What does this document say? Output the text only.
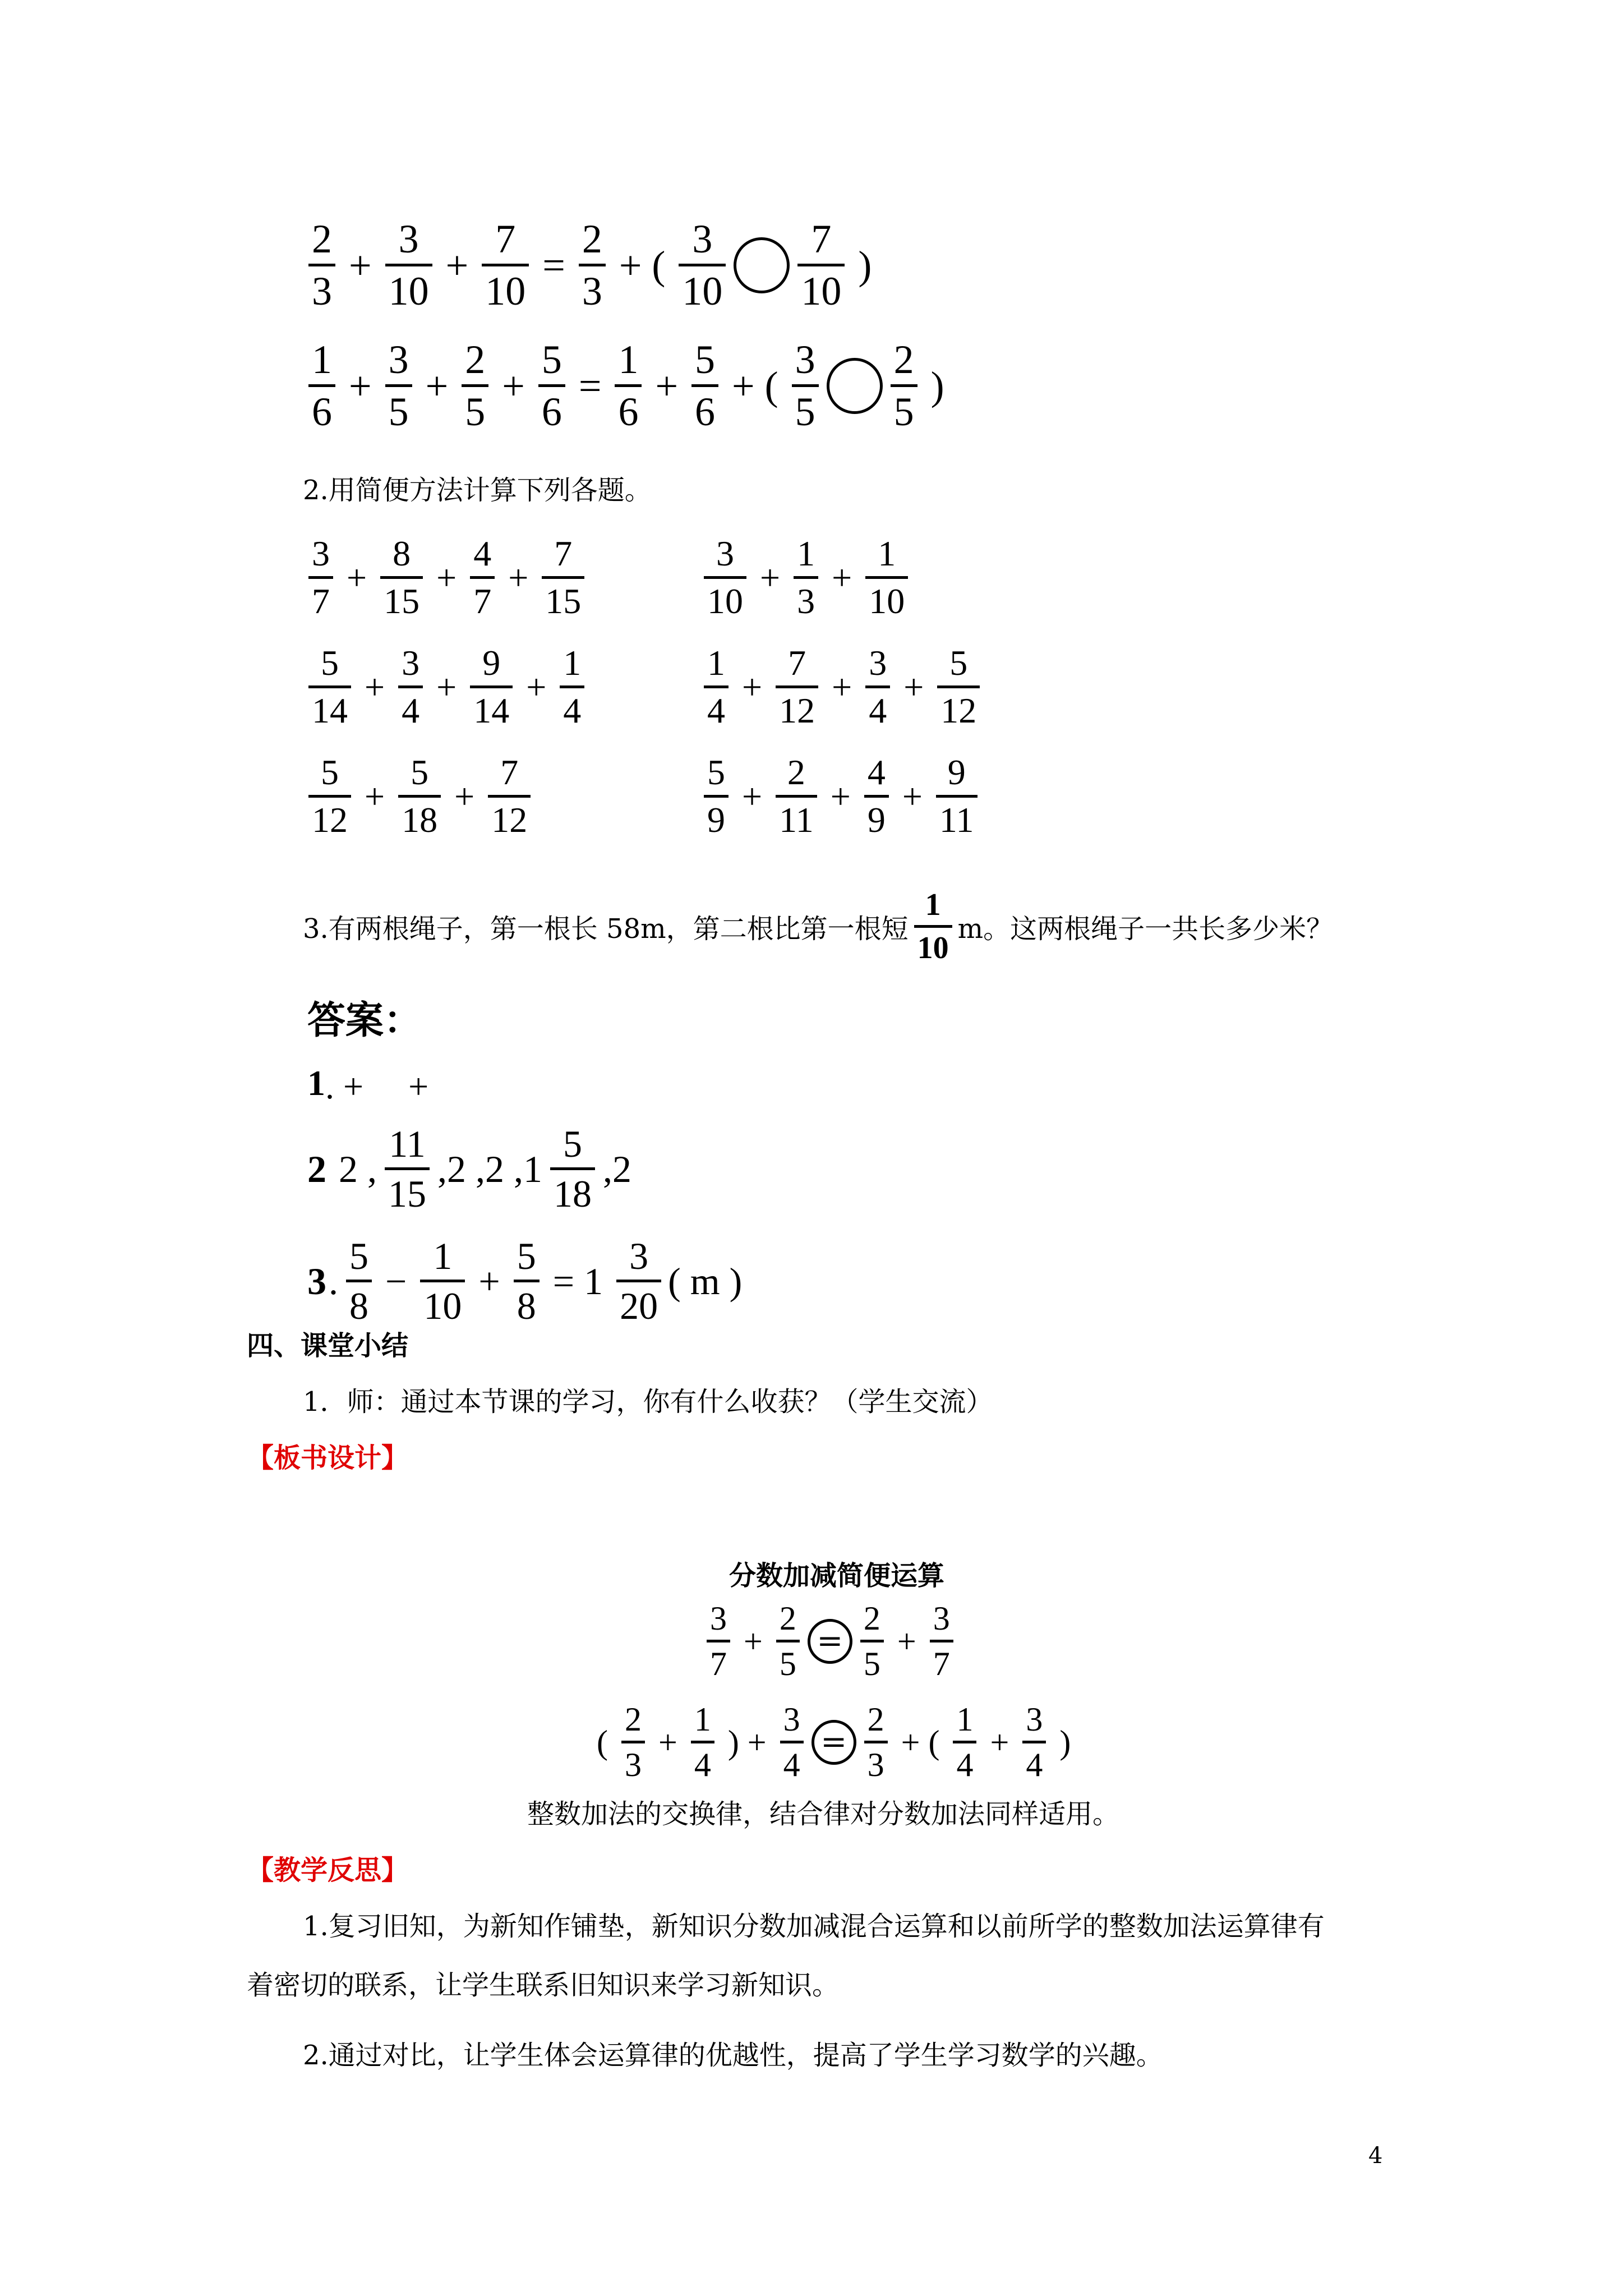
$\frac{2}{3} + \frac{3}{10} + \frac{7}{10} = \frac{2}{3}$ + ( $\frac{3}{10} \frac{7}{10}$ )
$\frac{1}{6} + \frac{3}{5} + \frac{2}{5} + \frac{5}{6} = \frac{1}{6} + \frac{5}{6}$ + ( $\frac{3}{5} \frac{2}{5}$ )
2.用简便方法计算下列各题。
$\frac{3}{7} + \frac{8}{15} + \frac{4}{7} + \frac{7}{15}$	$\frac{3}{10} + \frac{1}{3} + \frac{1}{10}$
$\frac{5}{14} + \frac{3}{4} + \frac{9}{14} + \frac{1}{4}$	$\frac{1}{4} + \frac{7}{12} + \frac{3}{4} + \frac{5}{12}$
$\frac{5}{12} + \frac{5}{18} + \frac{7}{12}$	$\frac{5}{9} + \frac{2}{11} + \frac{4}{9} + \frac{9}{11}$
3.有两根绳子，第一根长 58m，第二根比第一根短 $\frac{1}{10}$ m。这两根绳子一共长多少米？
答案：
1 . +　 +
2 2 , $\frac{11}{15} ,2$ ,2 $,1 \frac{5}{18} ,2$
3 . $\frac{5}{8} - \frac{1}{10} + \frac{5}{8} = 1 \frac{3}{20}$ ( m )
四、课堂小结
1．师：通过本节课的学习，你有什么收获？（学生交流）
【板书设计】
分数加减简便运算
$\frac{3}{7} + \frac{2}{5} = \frac{2}{5} + \frac{3}{7}$
( $\frac{2}{3} + \frac{1}{4}$ ) + $\frac{3}{4} = \frac{2}{3}$ + ( $\frac{1}{4} + \frac{3}{4}$ )
整数加法的交换律，结合律对分数加法同样适用。
【教学反思】
1.复习旧知，为新知作铺垫，新知识分数加减混合运算和以前所学的整数加法运算律有
着密切的联系，让学生联系旧知识来学习新知识。
2.通过对比，让学生体会运算律的优越性，提高了学生学习数学的兴趣。
4
